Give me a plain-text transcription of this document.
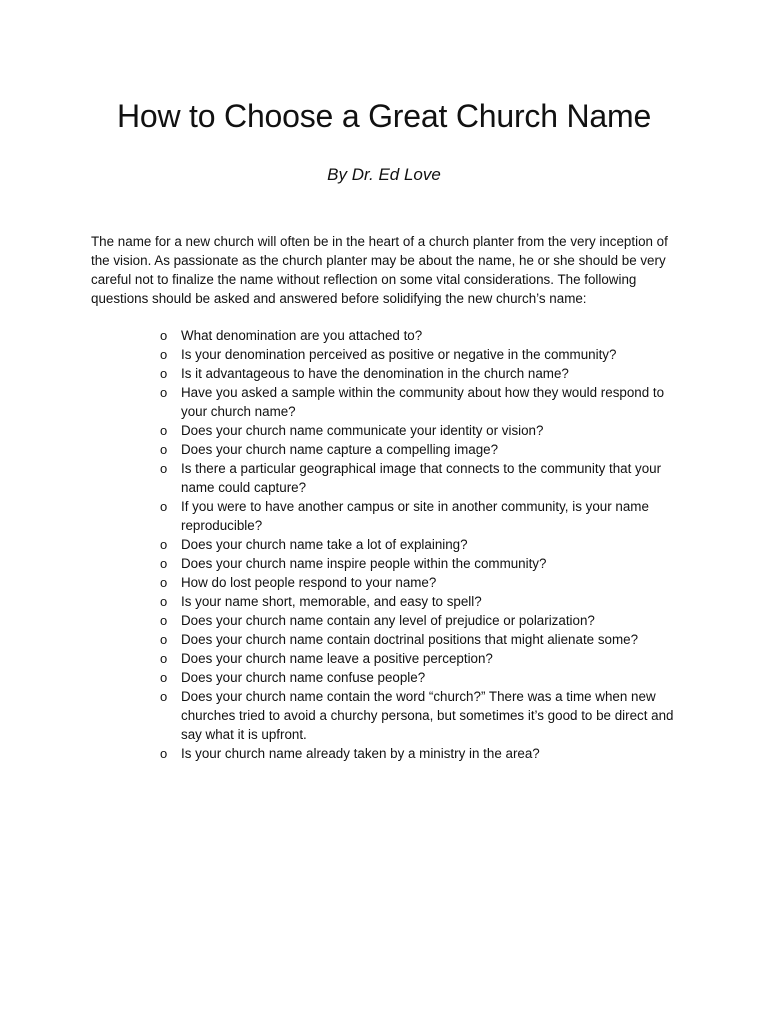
How to Choose a Great Church Name

By Dr. Ed Love

The name for a new church will often be in the heart of a church planter from the very inception of the vision. As passionate as the church planter may be about the name, he or she should be very careful not to finalize the name without reflection on some vital considerations. The following questions should be asked and answered before solidifying the new church’s name:

o What denomination are you attached to?
o Is your denomination perceived as positive or negative in the community?
o Is it advantageous to have the denomination in the church name?
o Have you asked a sample within the community about how they would respond to your church name?
o Does your church name communicate your identity or vision?
o Does your church name capture a compelling image?
o Is there a particular geographical image that connects to the community that your name could capture?
o If you were to have another campus or site in another community, is your name reproducible?
o Does your church name take a lot of explaining?
o Does your church name inspire people within the community?
o How do lost people respond to your name?
o Is your name short, memorable, and easy to spell?
o Does your church name contain any level of prejudice or polarization?
o Does your church name contain doctrinal positions that might alienate some?
o Does your church name leave a positive perception?
o Does your church name confuse people?
o Does your church name contain the word “church?” There was a time when new churches tried to avoid a churchy persona, but sometimes it’s good to be direct and say what it is upfront.
o Is your church name already taken by a ministry in the area?
